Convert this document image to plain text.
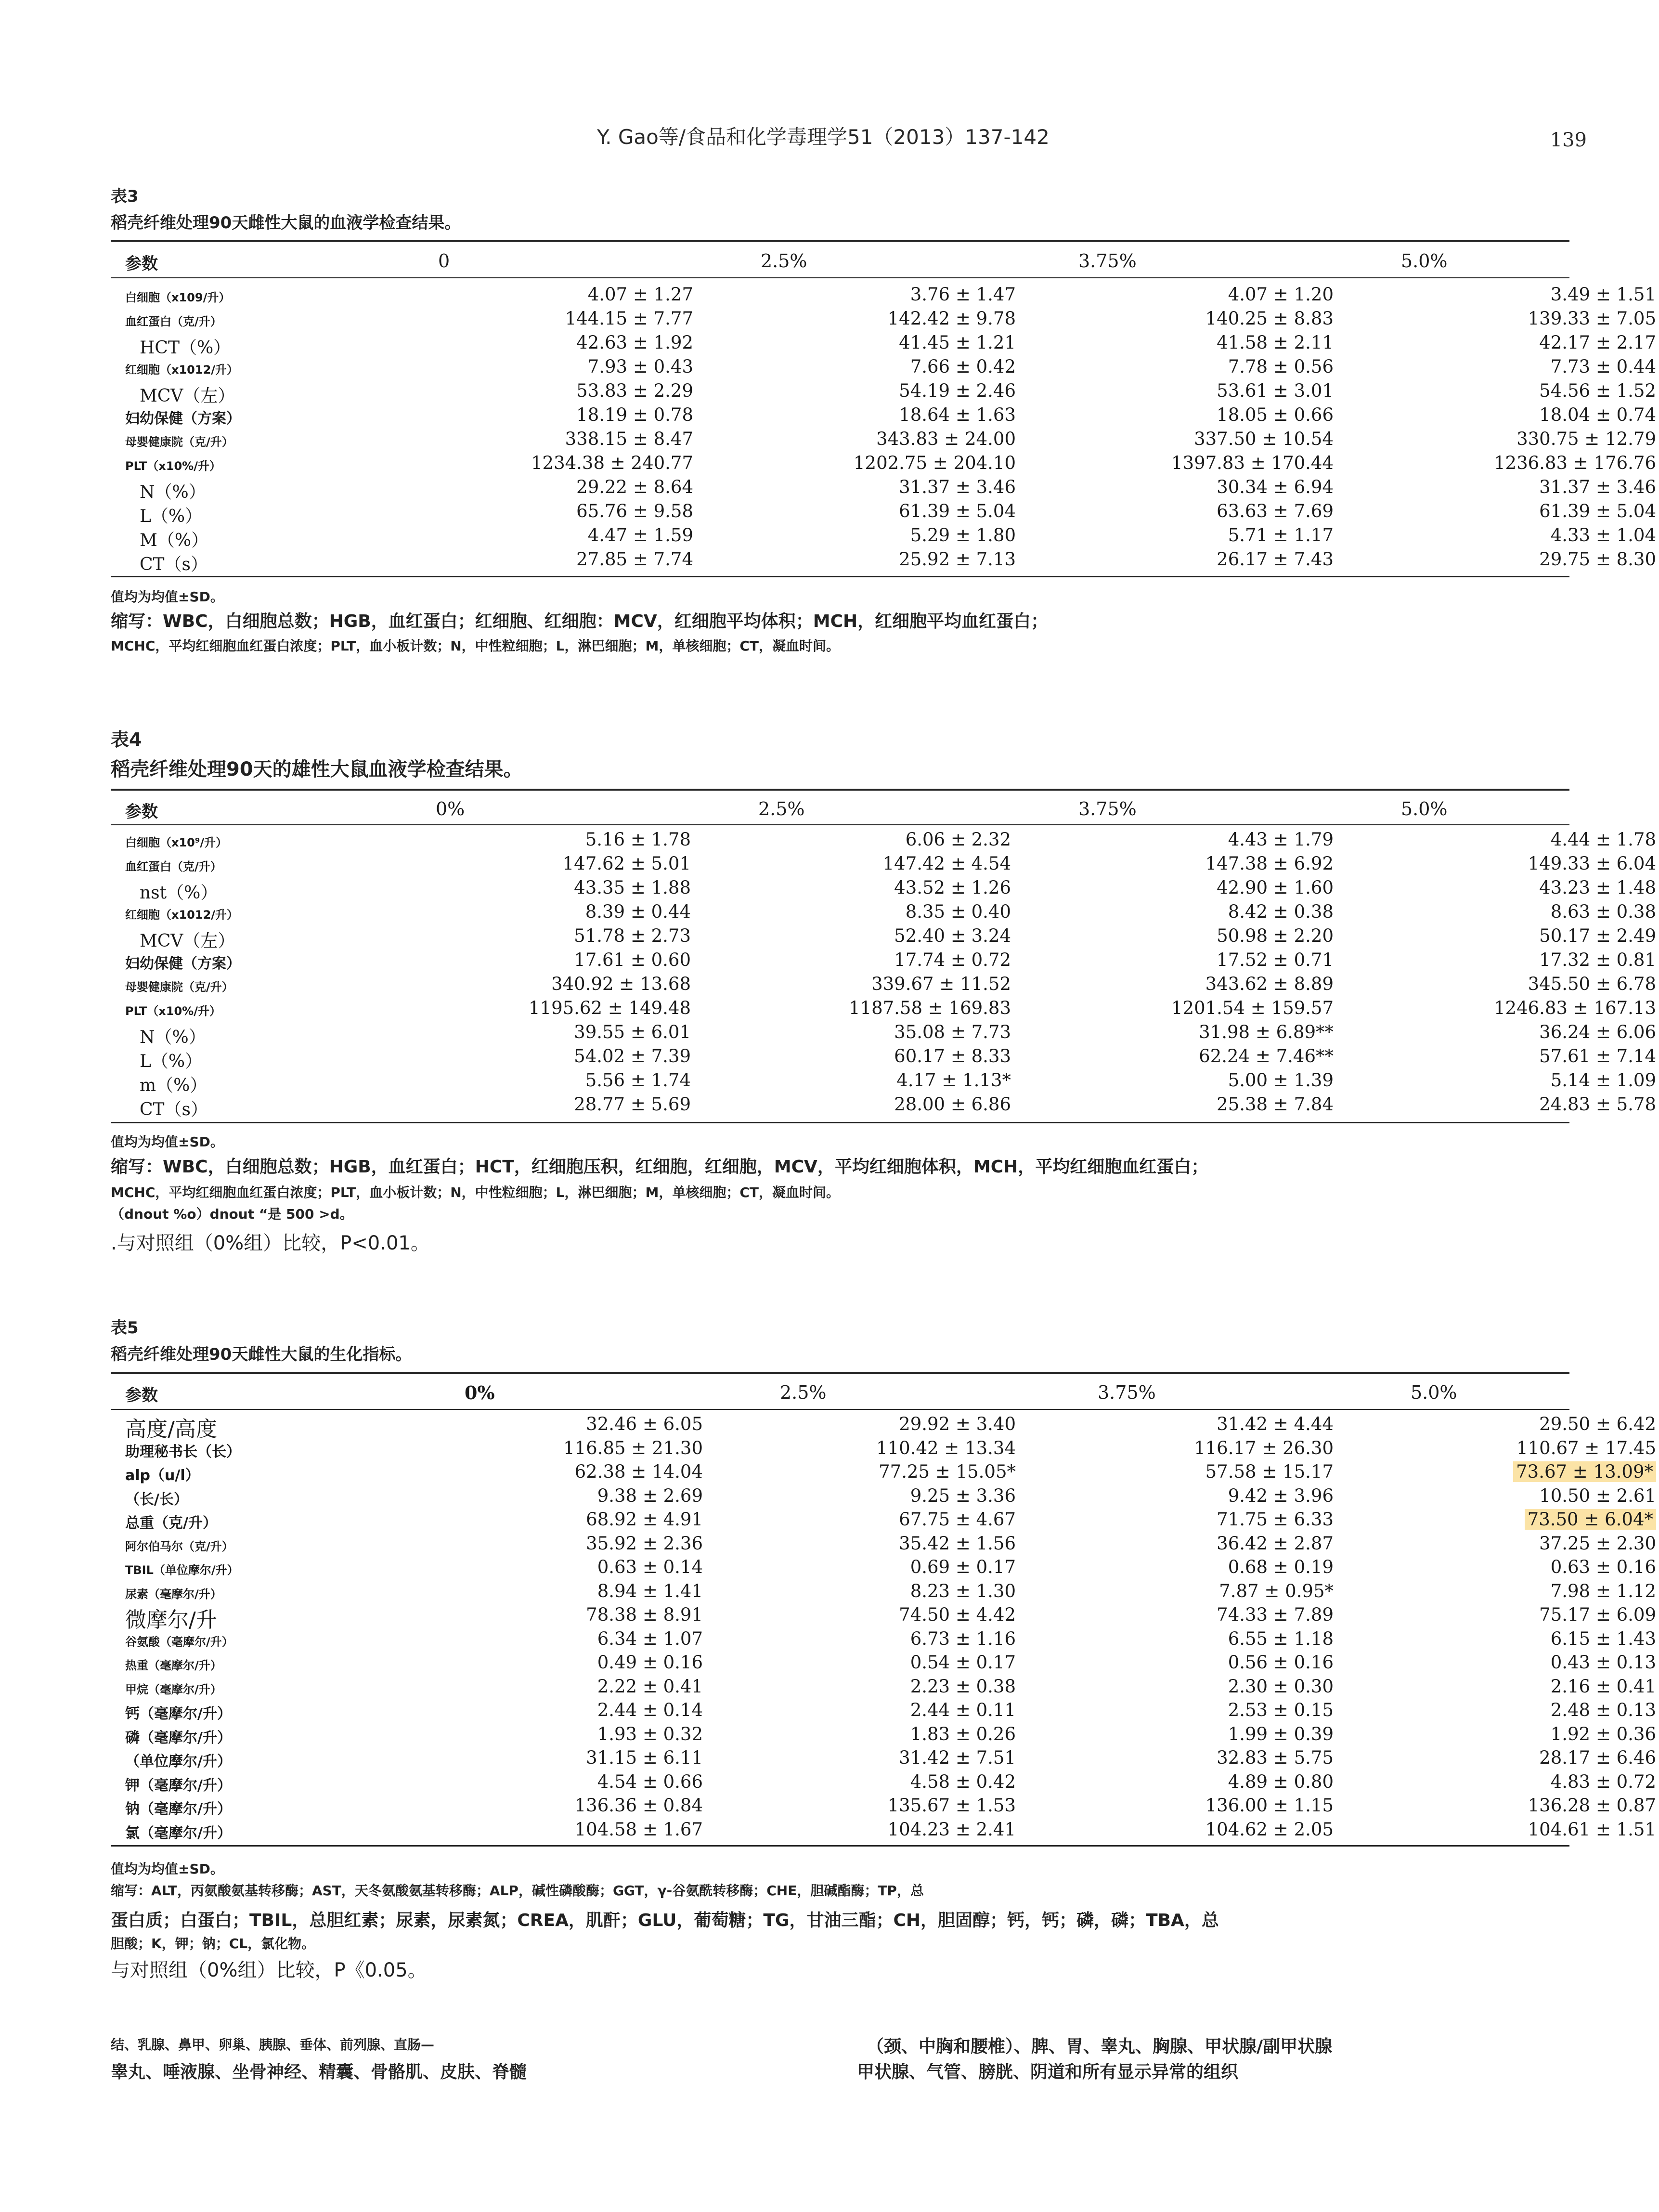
Y. Gao等/食品和化学毒理学51（2013）137-142	139
表3
稻壳纤维处理90天雌性大鼠的血液学检查结果。
参数	0	2.5%	3.75%	5.0%
白细胞（x109/升）	4.07 ± 1.27	3.76 ± 1.47	4.07 ± 1.20	3.49 ± 1.51
血红蛋白（克/升）	144.15 ± 7.77	142.42 ± 9.78	140.25 ± 8.83	139.33 ± 7.05
HCT（%）	42.63 ± 1.92	41.45 ± 1.21	41.58 ± 2.11	42.17 ± 2.17
红细胞（x1012/升）	7.93 ± 0.43	7.66 ± 0.42	7.78 ± 0.56	7.73 ± 0.44
MCV（左）	53.83 ± 2.29	54.19 ± 2.46	53.61 ± 3.01	54.56 ± 1.52
妇幼保健（方案）	18.19 ± 0.78	18.64 ± 1.63	18.05 ± 0.66	18.04 ± 0.74
母婴健康院（克/升）	338.15 ± 8.47	343.83 ± 24.00	337.50 ± 10.54	330.75 ± 12.79
PLT（x10%/升）	1234.38 ± 240.77	1202.75 ± 204.10	1397.83 ± 170.44	1236.83 ± 176.76
N（%）	29.22 ± 8.64	31.37 ± 3.46	30.34 ± 6.94	31.37 ± 3.46
L（%）	65.76 ± 9.58	61.39 ± 5.04	63.63 ± 7.69	61.39 ± 5.04
M（%）	4.47 ± 1.59	5.29 ± 1.80	5.71 ± 1.17	4.33 ± 1.04
CT（s）	27.85 ± 7.74	25.92 ± 7.13	26.17 ± 7.43	29.75 ± 8.30
值均为均值±SD。
缩写：WBC，白细胞总数；HGB，血红蛋白；红细胞、红细胞：MCV，红细胞平均体积；MCH，红细胞平均血红蛋白；
MCHC，平均红细胞血红蛋白浓度；PLT，血小板计数；N，中性粒细胞；L，淋巴细胞；M，单核细胞；CT，凝血时间。
表4
稻壳纤维处理90天的雄性大鼠血液学检查结果。
参数	0%	2.5%	3.75%	5.0%
白细胞（x10⁹/升）	5.16 ± 1.78	6.06 ± 2.32	4.43 ± 1.79	4.44 ± 1.78
血红蛋白（克/升）	147.62 ± 5.01	147.42 ± 4.54	147.38 ± 6.92	149.33 ± 6.04
nst（%）	43.35 ± 1.88	43.52 ± 1.26	42.90 ± 1.60	43.23 ± 1.48
红细胞（x1012/升）	8.39 ± 0.44	8.35 ± 0.40	8.42 ± 0.38	8.63 ± 0.38
MCV（左）	51.78 ± 2.73	52.40 ± 3.24	50.98 ± 2.20	50.17 ± 2.49
妇幼保健（方案）	17.61 ± 0.60	17.74 ± 0.72	17.52 ± 0.71	17.32 ± 0.81
母婴健康院（克/升）	340.92 ± 13.68	339.67 ± 11.52	343.62 ± 8.89	345.50 ± 6.78
PLT（x10%/升）	1195.62 ± 149.48	1187.58 ± 169.83	1201.54 ± 159.57	1246.83 ± 167.13
N（%）	39.55 ± 6.01	35.08 ± 7.73	31.98 ± 6.89**	36.24 ± 6.06
L（%）	54.02 ± 7.39	60.17 ± 8.33	62.24 ± 7.46**	57.61 ± 7.14
m（%）	5.56 ± 1.74	4.17 ± 1.13*	5.00 ± 1.39	5.14 ± 1.09
CT（s）	28.77 ± 5.69	28.00 ± 6.86	25.38 ± 7.84	24.83 ± 5.78
值均为均值±SD。
缩写：WBC，白细胞总数；HGB，血红蛋白；HCT，红细胞压积，红细胞，红细胞，MCV，平均红细胞体积，MCH，平均红细胞血红蛋白；
MCHC，平均红细胞血红蛋白浓度；PLT，血小板计数；N，中性粒细胞；L，淋巴细胞；M，单核细胞；CT，凝血时间。
（dnout %o）dnout “是 500 >d。
.与对照组（0%组）比较，P<0.01。
表5
稻壳纤维处理90天雌性大鼠的生化指标。
参数	0%	2.5%	3.75%	5.0%
高度/高度	32.46 ± 6.05	29.92 ± 3.40	31.42 ± 4.44	29.50 ± 6.42
助理秘书长（长）	116.85 ± 21.30	110.42 ± 13.34	116.17 ± 26.30	110.67 ± 17.45
alp（u/l）	62.38 ± 14.04	77.25 ± 15.05*	57.58 ± 15.17	73.67 ± 13.09*
（长/长）	9.38 ± 2.69	9.25 ± 3.36	9.42 ± 3.96	10.50 ± 2.61
总重（克/升）	68.92 ± 4.91	67.75 ± 4.67	71.75 ± 6.33	73.50 ± 6.04*
阿尔伯马尔（克/升）	35.92 ± 2.36	35.42 ± 1.56	36.42 ± 2.87	37.25 ± 2.30
TBIL（单位摩尔/升）	0.63 ± 0.14	0.69 ± 0.17	0.68 ± 0.19	0.63 ± 0.16
尿素（毫摩尔/升）	8.94 ± 1.41	8.23 ± 1.30	7.87 ± 0.95*	7.98 ± 1.12
微摩尔/升	78.38 ± 8.91	74.50 ± 4.42	74.33 ± 7.89	75.17 ± 6.09
谷氨酸（毫摩尔/升）	6.34 ± 1.07	6.73 ± 1.16	6.55 ± 1.18	6.15 ± 1.43
热重（毫摩尔/升）	0.49 ± 0.16	0.54 ± 0.17	0.56 ± 0.16	0.43 ± 0.13
甲烷（毫摩尔/升）	2.22 ± 0.41	2.23 ± 0.38	2.30 ± 0.30	2.16 ± 0.41
钙（毫摩尔/升）	2.44 ± 0.14	2.44 ± 0.11	2.53 ± 0.15	2.48 ± 0.13
磷（毫摩尔/升）	1.93 ± 0.32	1.83 ± 0.26	1.99 ± 0.39	1.92 ± 0.36
（单位摩尔/升）	31.15 ± 6.11	31.42 ± 7.51	32.83 ± 5.75	28.17 ± 6.46
钾（毫摩尔/升）	4.54 ± 0.66	4.58 ± 0.42	4.89 ± 0.80	4.83 ± 0.72
钠（毫摩尔/升）	136.36 ± 0.84	135.67 ± 1.53	136.00 ± 1.15	136.28 ± 0.87
氯（毫摩尔/升）	104.58 ± 1.67	104.23 ± 2.41	104.62 ± 2.05	104.61 ± 1.51
值均为均值±SD。
缩写：ALT，丙氨酸氨基转移酶；AST，天冬氨酸氨基转移酶；ALP，碱性磷酸酶；GGT，γ-谷氨酰转移酶；CHE，胆碱酯酶；TP，总
蛋白质；白蛋白；TBIL，总胆红素；尿素，尿素氮；CREA，肌酐；GLU，葡萄糖；TG，甘油三酯；CH，胆固醇；钙，钙；磷，磷；TBA，总
胆酸；K，钾；钠；CL，氯化物。
与对照组（0%组）比较，P《0.05。
结、乳腺、鼻甲、卵巢、胰腺、垂体、前列腺、直肠—
睾丸、唾液腺、坐骨神经、精囊、骨骼肌、皮肤、脊髓
（颈、中胸和腰椎）、脾、胃、睾丸、胸腺、甲状腺/副甲状腺
甲状腺、气管、膀胱、阴道和所有显示异常的组织
